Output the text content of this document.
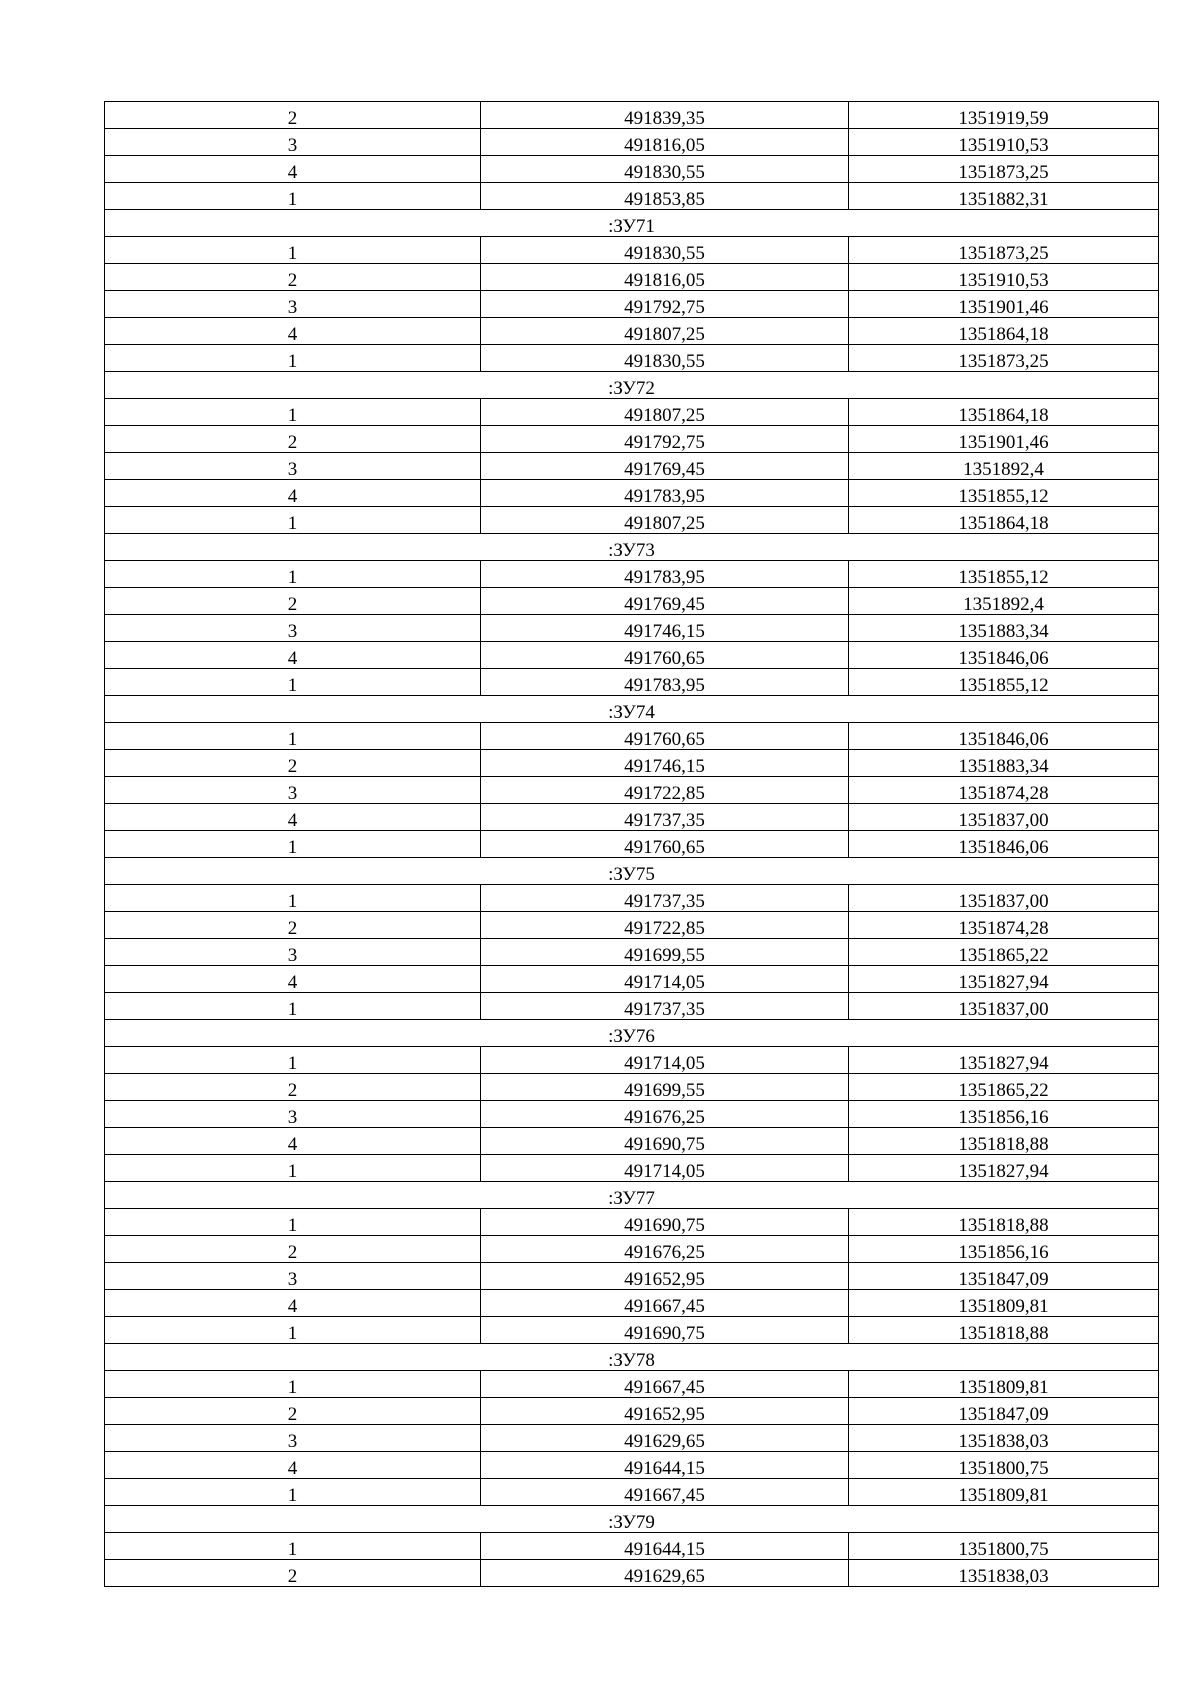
2	491839,35	1351919,59
3	491816,05	1351910,53
4	491830,55	1351873,25
1	491853,85	1351882,31
:ЗУ71		
1	491830,55	1351873,25
2	491816,05	1351910,53
3	491792,75	1351901,46
4	491807,25	1351864,18
1	491830,55	1351873,25
:ЗУ72		
1	491807,25	1351864,18
2	491792,75	1351901,46
3	491769,45	1351892,4
4	491783,95	1351855,12
1	491807,25	1351864,18
:ЗУ73		
1	491783,95	1351855,12
2	491769,45	1351892,4
3	491746,15	1351883,34
4	491760,65	1351846,06
1	491783,95	1351855,12
:ЗУ74		
1	491760,65	1351846,06
2	491746,15	1351883,34
3	491722,85	1351874,28
4	491737,35	1351837,00
1	491760,65	1351846,06
:ЗУ75		
1	491737,35	1351837,00
2	491722,85	1351874,28
3	491699,55	1351865,22
4	491714,05	1351827,94
1	491737,35	1351837,00
:ЗУ76		
1	491714,05	1351827,94
2	491699,55	1351865,22
3	491676,25	1351856,16
4	491690,75	1351818,88
1	491714,05	1351827,94
:ЗУ77		
1	491690,75	1351818,88
2	491676,25	1351856,16
3	491652,95	1351847,09
4	491667,45	1351809,81
1	491690,75	1351818,88
:ЗУ78		
1	491667,45	1351809,81
2	491652,95	1351847,09
3	491629,65	1351838,03
4	491644,15	1351800,75
1	491667,45	1351809,81
:ЗУ79		
1	491644,15	1351800,75
2	491629,65	1351838,03
